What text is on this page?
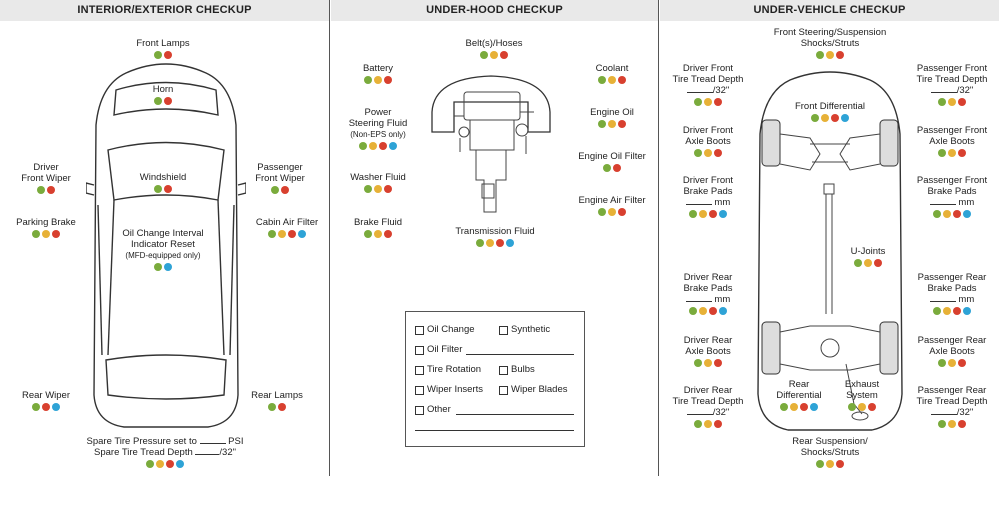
INTERIOR/EXTERIOR CHECKUP	UNDER-HOOD CHECKUP	UNDER-VEHICLE CHECKUP
Front Lamps
Horn
Driver
Front Wiper	Windshield
Passenger
Front Wiper
Parking Brake
Oil Change Interval
Indicator Reset
(MFD-equipped only)
Cabin Air Filter
Rear Wiper	Rear Lamps
Spare Tire Pressure set to	PSI
Spare Tire Tread Depth	/32"
Belt(s)/Hoses
Battery	Coolant
Power
Steering Fluid
(Non-EPS only)
Engine Oil
Engine Oil Filter
Washer Fluid
Engine Air Filter
Brake Fluid
Transmission Fluid
Oil Change	Synthetic
Oil Filter
Tire Rotation	Bulbs
Wiper Inserts	Wiper Blades
Other
Front Steering/Suspension
Shocks/Struts
Driver Front
Tire Tread Depth
/32"
Passenger Front
Tire Tread Depth
/32"
Front Differential
Driver Front
Axle Boots
Passenger Front
Axle Boots
Driver Front
Brake Pads
mm
Passenger Front
Brake Pads
mm
U-Joints
Driver Rear
Brake Pads
mm
Passenger Rear
Brake Pads
mm
Driver Rear
Axle Boots
Passenger Rear
Axle Boots
Rear
Differential
Exhaust
System
Driver Rear
Tire Tread Depth
/32"
Passenger Rear
Tire Tread Depth
/32"
Rear Suspension/
Shocks/Struts
